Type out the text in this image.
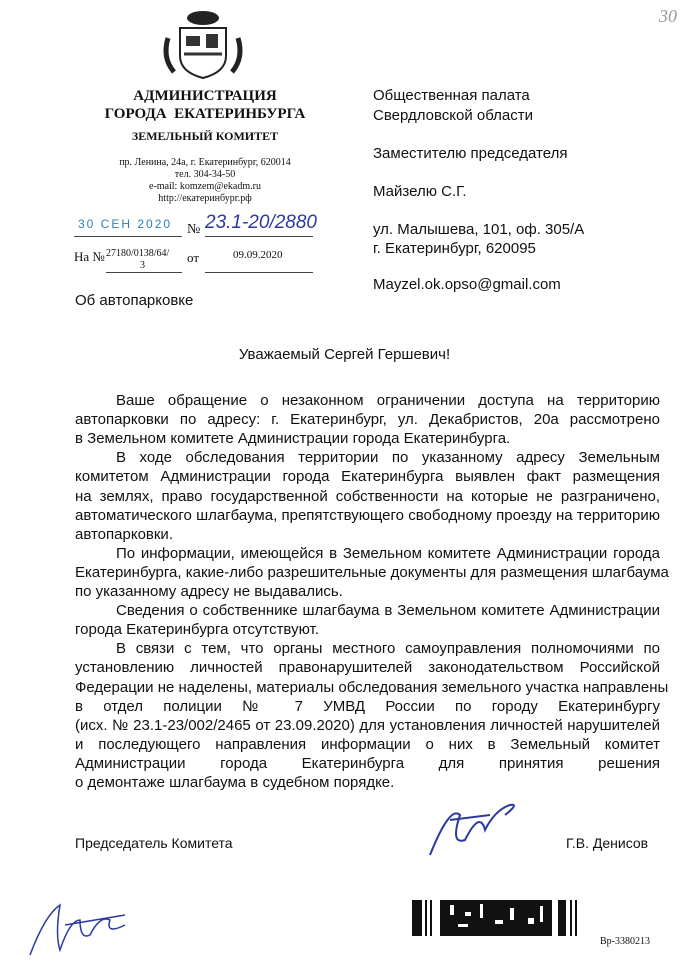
30
АДМИНИСТРАЦИЯ
ГОРОДА  ЕКАТЕРИНБУРГА
ЗЕМЕЛЬНЫЙ КОМИТЕТ
пр. Ленина, 24а, г. Екатеринбург, 620014
тел. 304-34-50
e-mail: komzem@ekadm.ru
http://екатеринбург.рф
30 СЕН 2020 № 23.1-20/2880
На № 27180/0138/64/
3
от	09.09.2020
Общественная палата
Свердловской области
Заместителю председателя
Майзелю С.Г.
ул. Малышева, 101, оф. 305/А
г. Екатеринбург, 620095
Mayzel.ok.opso@gmail.com
Об автопарковке
Уважаемый Сергей Гершевич!
Ваше обращение о незаконном ограничении доступа на территорию
автопарковки по адресу: г. Екатеринбург, ул. Декабристов, 20а рассмотрено
в Земельном комитете Администрации города Екатеринбурга.
В ходе обследования территории по указанному адресу Земельным
комитетом Администрации города Екатеринбурга выявлен факт размещения
на землях, право государственной собственности на которые не разграничено,
автоматического шлагбаума, препятствующего свободному проезду на территорию
автопарковки.
По информации, имеющейся в Земельном комитете Администрации города
Екатеринбурга, какие-либо разрешительные документы для размещения шлагбаума
по указанному адресу не выдавались.
Сведения о собственнике шлагбаума в Земельном комитете Администрации
города Екатеринбурга отсутствуют.
В связи с тем, что органы местного самоуправления полномочиями по
установлению личностей правонарушителей законодательством Российской
Федерации не наделены, материалы обследования земельного участка направлены
в отдел полиции № 7 УМВД России по городу Екатеринбургу
(исх. № 23.1-23/002/2465 от 23.09.2020) для установления личностей нарушителей
и последующего направления информации о них в Земельный комитет
Администрации города Екатеринбурга для принятия решения
о демонтаже шлагбаума в судебном порядке.
Председатель Комитета	Г.В. Денисов
Вр-3380213
